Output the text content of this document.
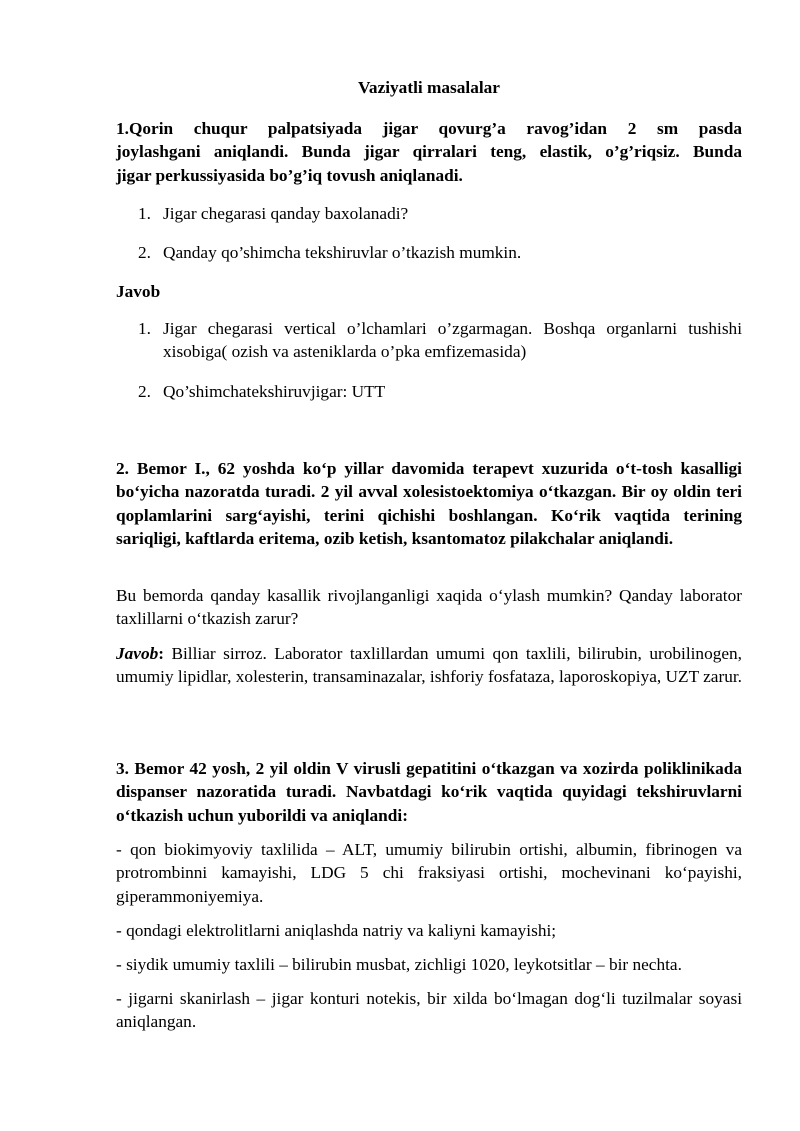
Vaziyatli masalalar
1.Qorin chuqur palpatsiyada jigar qovurg’a ravog’idan 2 sm pasda
joylashgani aniqlandi. Bunda jigar qirralari teng, elastik, o’g’riqsiz. Bunda
jigar perkussiyasida bo’g’iq tovush aniqlanadi.
1. Jigar chegarasi qanday baxolanadi?
2. Qanday qo’shimcha tekshiruvlar o’tkazish mumkin.
Javob
1. Jigar chegarasi vertical o’lchamlari o’zgarmagan. Boshqa organlarni tushishi xisobiga( ozish va asteniklarda o’pka emfizemasida)
2. Qo’shimchatekshiruvjigar: UTT
2. Bemor I., 62 yoshda ko‘p yillar davomida terapevt xuzurida o‘t-tosh kasalligi bo‘yicha nazoratda turadi. 2 yil avval xolesistoektomiya o‘tkazgan. Bir oy oldin teri qoplamlarini sarg‘ayishi, terini qichishi boshlangan. Ko‘rik vaqtida terining sariqligi, kaftlarda eritema, ozib ketish, ksantomatoz pilakchalar aniqlandi.
Bu bemorda qanday kasallik rivojlanganligi xaqida o‘ylash mumkin? Qanday laborator taxlillarni o‘tkazish zarur?
Javob: Billiar sirroz. Laborator taxlillardan umumi qon taxlili, bilirubin, urobilinogen, umumiy lipidlar, xolesterin, transaminazalar, ishforiy fosfataza, laporoskopiya, UZT zarur.
3. Bemor 42 yosh, 2 yil oldin V virusli gepatitini o‘tkazgan va xozirda poliklinikada dispanser nazoratida turadi. Navbatdagi ko‘rik vaqtida quyidagi tekshiruvlarni o‘tkazish uchun yuborildi va aniqlandi:
- qon biokimyoviy taxlilida – ALT, umumiy bilirubin ortishi, albumin, fibrinogen va protrombinni kamayishi, LDG 5 chi fraksiyasi ortishi, mochevinani ko‘payishi, giperammoniyemiya.
- qondagi elektrolitlarni aniqlashda natriy va kaliyni kamayishi;
- siydik umumiy taxlili – bilirubin musbat, zichligi 1020, leykotsitlar – bir nechta.
- jigarni skanirlash – jigar konturi notekis, bir xilda bo‘lmagan dog‘li tuzilmalar soyasi aniqlangan.
